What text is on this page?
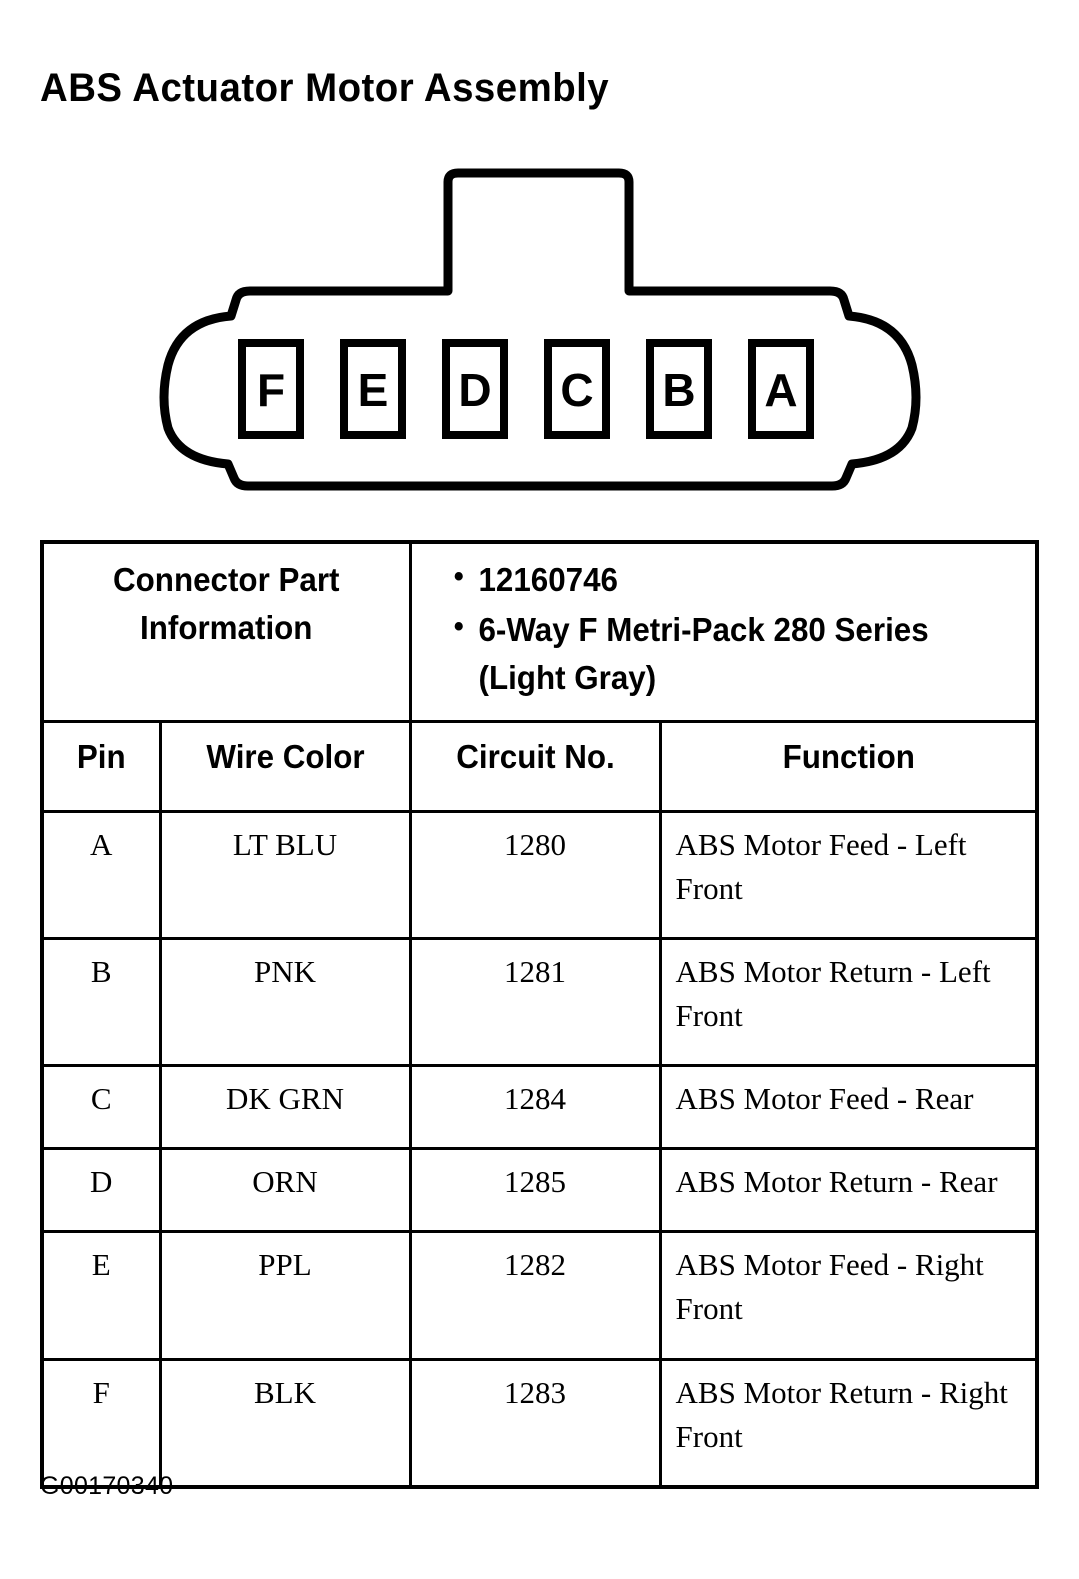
ABS Actuator Motor Assembly
F E D C B A
Connector Part Information

• 12160746
• 6-Way F Metri-Pack 280 Series (Light Gray)

Pin	Wire Color	Circuit No.	Function

A	LT BLU	1280	ABS Motor Feed - Left Front

B	PNK	1281	ABS Motor Return - Left Front

C	DK GRN	1284	ABS Motor Feed - Rear

D	ORN	1285	ABS Motor Return - Rear

E	PPL	1282	ABS Motor Feed - Right Front

F	BLK	1283	ABS Motor Return - Right Front
G00170340
